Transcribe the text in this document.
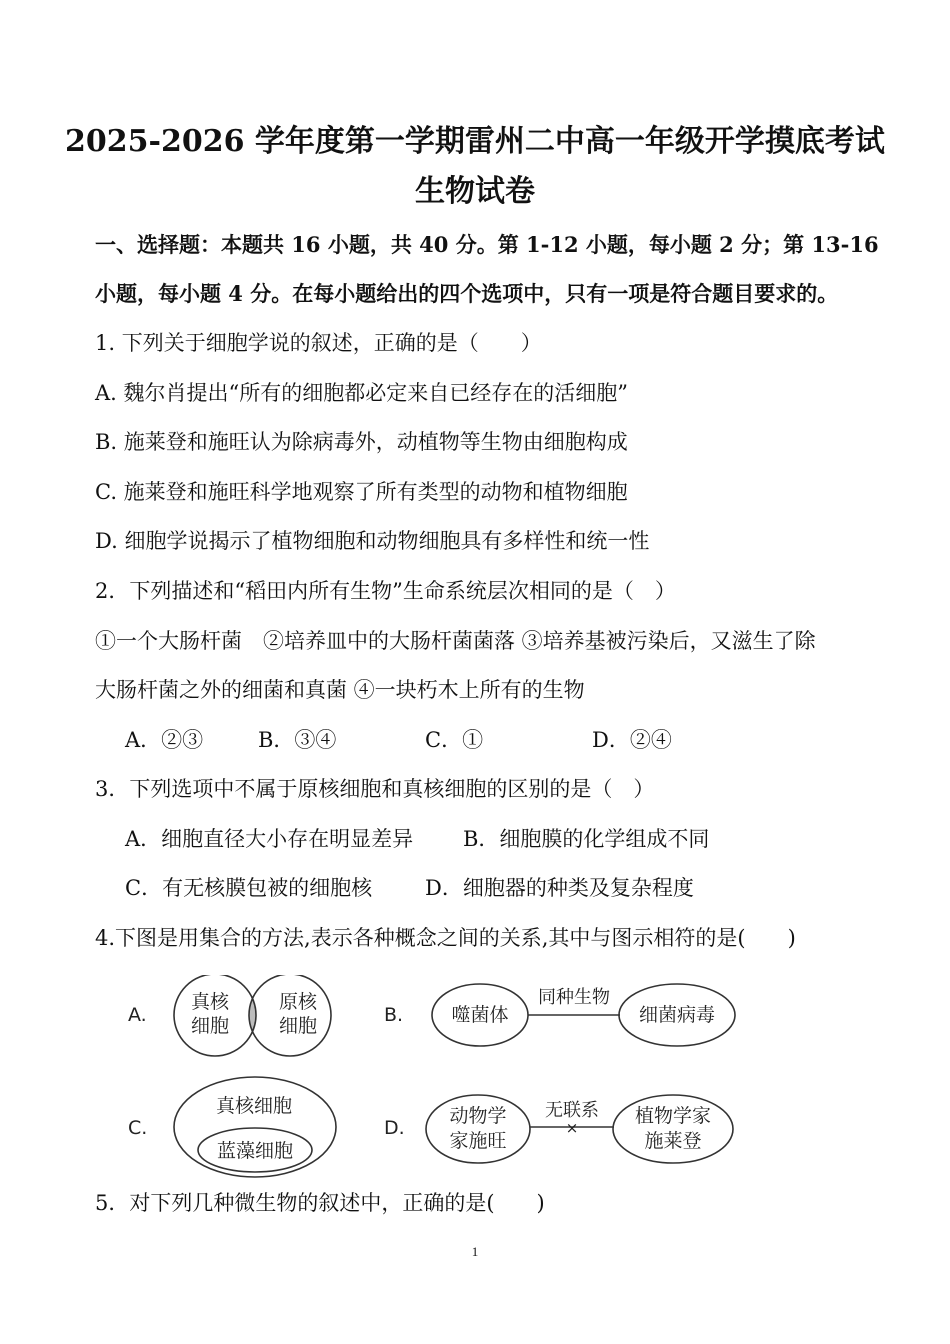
2025-2026 学年度第一学期雷州二中高一年级开学摸底考试
生物试卷
一、选择题：本题共 16 小题，共 40 分。第 1-12 小题，每小题 2 分；第 13-16
小题，每小题 4 分。在每小题给出的四个选项中，只有一项是符合题目要求的。
1. 下列关于细胞学说的叙述，正确的是（　　）
A. 魏尔肖提出“所有的细胞都必定来自已经存在的活细胞”
B. 施莱登和施旺认为除病毒外，动植物等生物由细胞构成
C. 施莱登和施旺科学地观察了所有类型的动物和植物细胞
D. 细胞学说揭示了植物细胞和动物细胞具有多样性和统一性
2．下列描述和“稻田内所有生物”生命系统层次相同的是（　）
①一个大肠杆菌　②培养皿中的大肠杆菌菌落 ③培养基被污染后，又滋生了除
大肠杆菌之外的细菌和真菌 ④一块朽木上所有的生物
A．②③	B．③④	C．①	D．②④
3．下列选项中不属于原核细胞和真核细胞的区别的是（　）
A．细胞直径大小存在明显差异 B．细胞膜的化学组成不同
C．有无核膜包被的细胞核	D．细胞器的种类及复杂程度
4.下图是用集合的方法,表示各种概念之间的关系,其中与图示相符的是(　　)
A.
真核
细胞
原核
细胞	B.	噬菌体
同种生物
细菌病毒
C.
真核细胞
蓝藻细胞
D.
动物学
家施旺
无联系
×
植物学家
施莱登
5．对下列几种微生物的叙述中，正确的是(　　)
1
